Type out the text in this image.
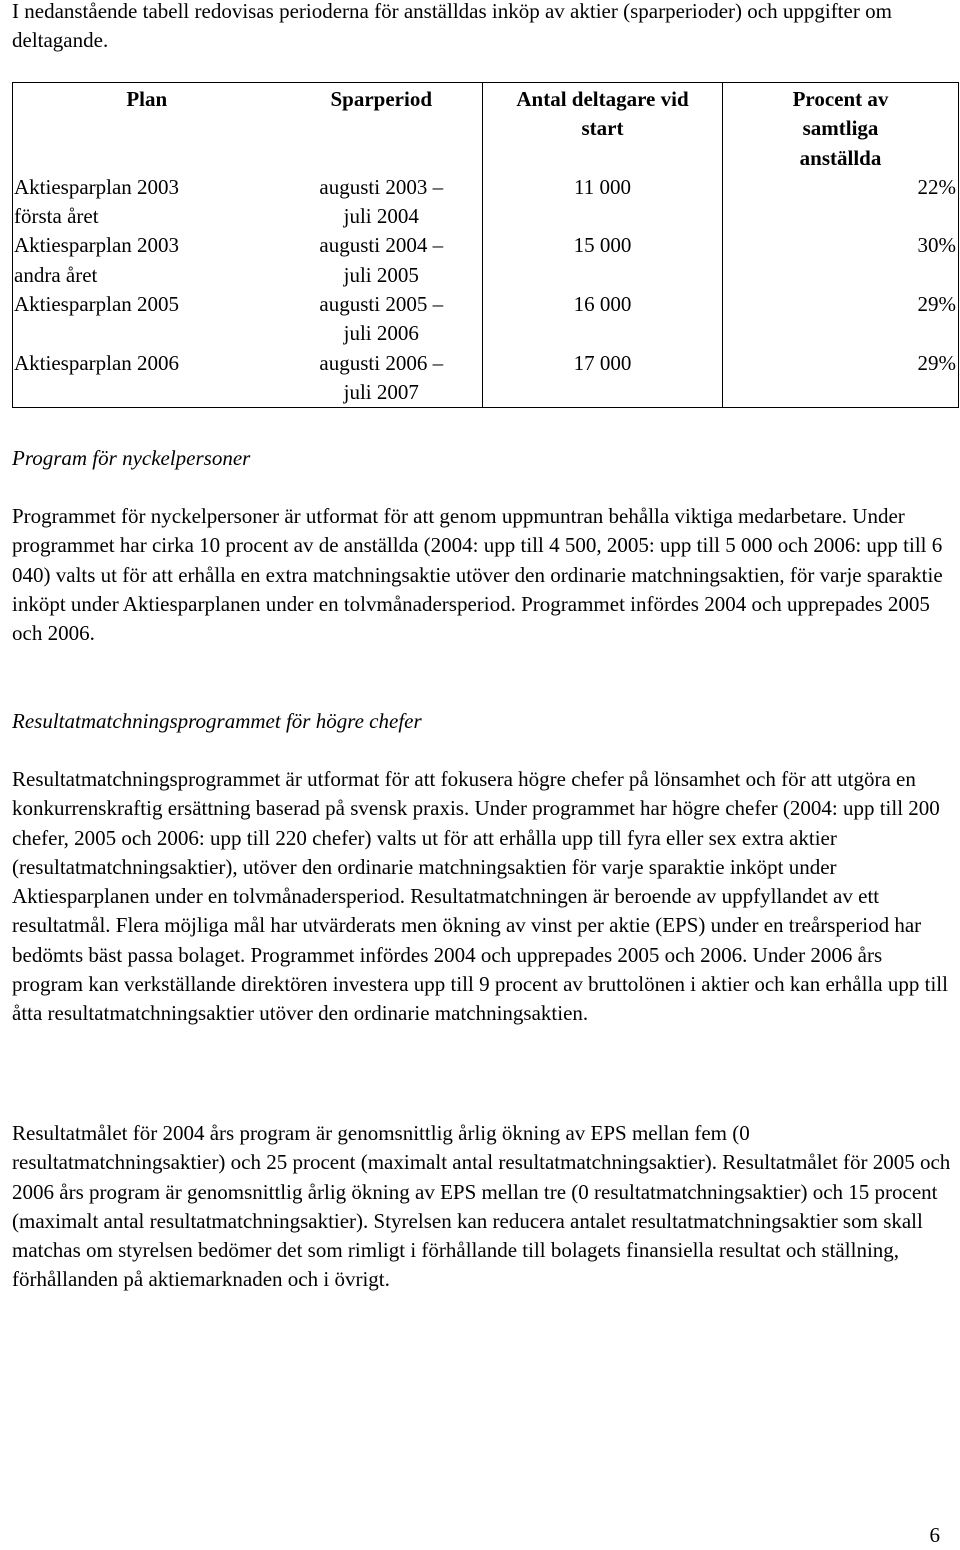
I nedanstående tabell redovisas perioderna för anställdas inköp av aktier (sparperioder) och uppgifter om deltagande.

Plan	Sparperiod	Antal deltagare vid start	Procent av samtliga anställda
Aktiesparplan 2003 första året	augusti 2003 – juli 2004	11 000	22%
Aktiesparplan 2003 andra året	augusti 2004 – juli 2005	15 000	30%
Aktiesparplan 2005	augusti 2005 – juli 2006	16 000	29%
Aktiesparplan 2006	augusti 2006 – juli 2007	17 000	29%

Program för nyckelpersoner

Programmet för nyckelpersoner är utformat för att genom uppmuntran behålla viktiga medarbetare. Under programmet har cirka 10 procent av de anställda (2004: upp till 4 500, 2005: upp till 5 000 och 2006: upp till 6 040) valts ut för att erhålla en extra matchningsaktie utöver den ordinarie matchningsaktien, för varje sparaktie inköpt under Aktiesparplanen under en tolvmånadersperiod. Programmet infördes 2004 och upprepades 2005 och 2006.

Resultatmatchningsprogrammet för högre chefer

Resultatmatchningsprogrammet är utformat för att fokusera högre chefer på lönsamhet och för att utgöra en konkurrenskraftig ersättning baserad på svensk praxis. Under programmet har högre chefer (2004: upp till 200 chefer, 2005 och 2006: upp till 220 chefer) valts ut för att erhålla upp till fyra eller sex extra aktier (resultatmatchningsaktier), utöver den ordinarie matchningsaktien för varje sparaktie inköpt under Aktiesparplanen under en tolvmånadersperiod. Resultatmatchningen är beroende av uppfyllandet av ett resultatmål. Flera möjliga mål har utvärderats men ökning av vinst per aktie (EPS) under en treårsperiod har bedömts bäst passa bolaget. Programmet infördes 2004 och upprepades 2005 och 2006. Under 2006 års program kan verkställande direktören investera upp till 9 procent av bruttolönen i aktier och kan erhålla upp till åtta resultatmatchningsaktier utöver den ordinarie matchningsaktien.

Resultatmålet för 2004 års program är genomsnittlig årlig ökning av EPS mellan fem (0 resultatmatchningsaktier) och 25 procent (maximalt antal resultatmatchningsaktier). Resultatmålet för 2005 och 2006 års program är genomsnittlig årlig ökning av EPS mellan tre (0 resultatmatchningsaktier) och 15 procent (maximalt antal resultatmatchningsaktier). Styrelsen kan reducera antalet resultatmatchningsaktier som skall matchas om styrelsen bedömer det som rimligt i förhållande till bolagets finansiella resultat och ställning, förhållanden på aktiemarknaden och i övrigt.

6
